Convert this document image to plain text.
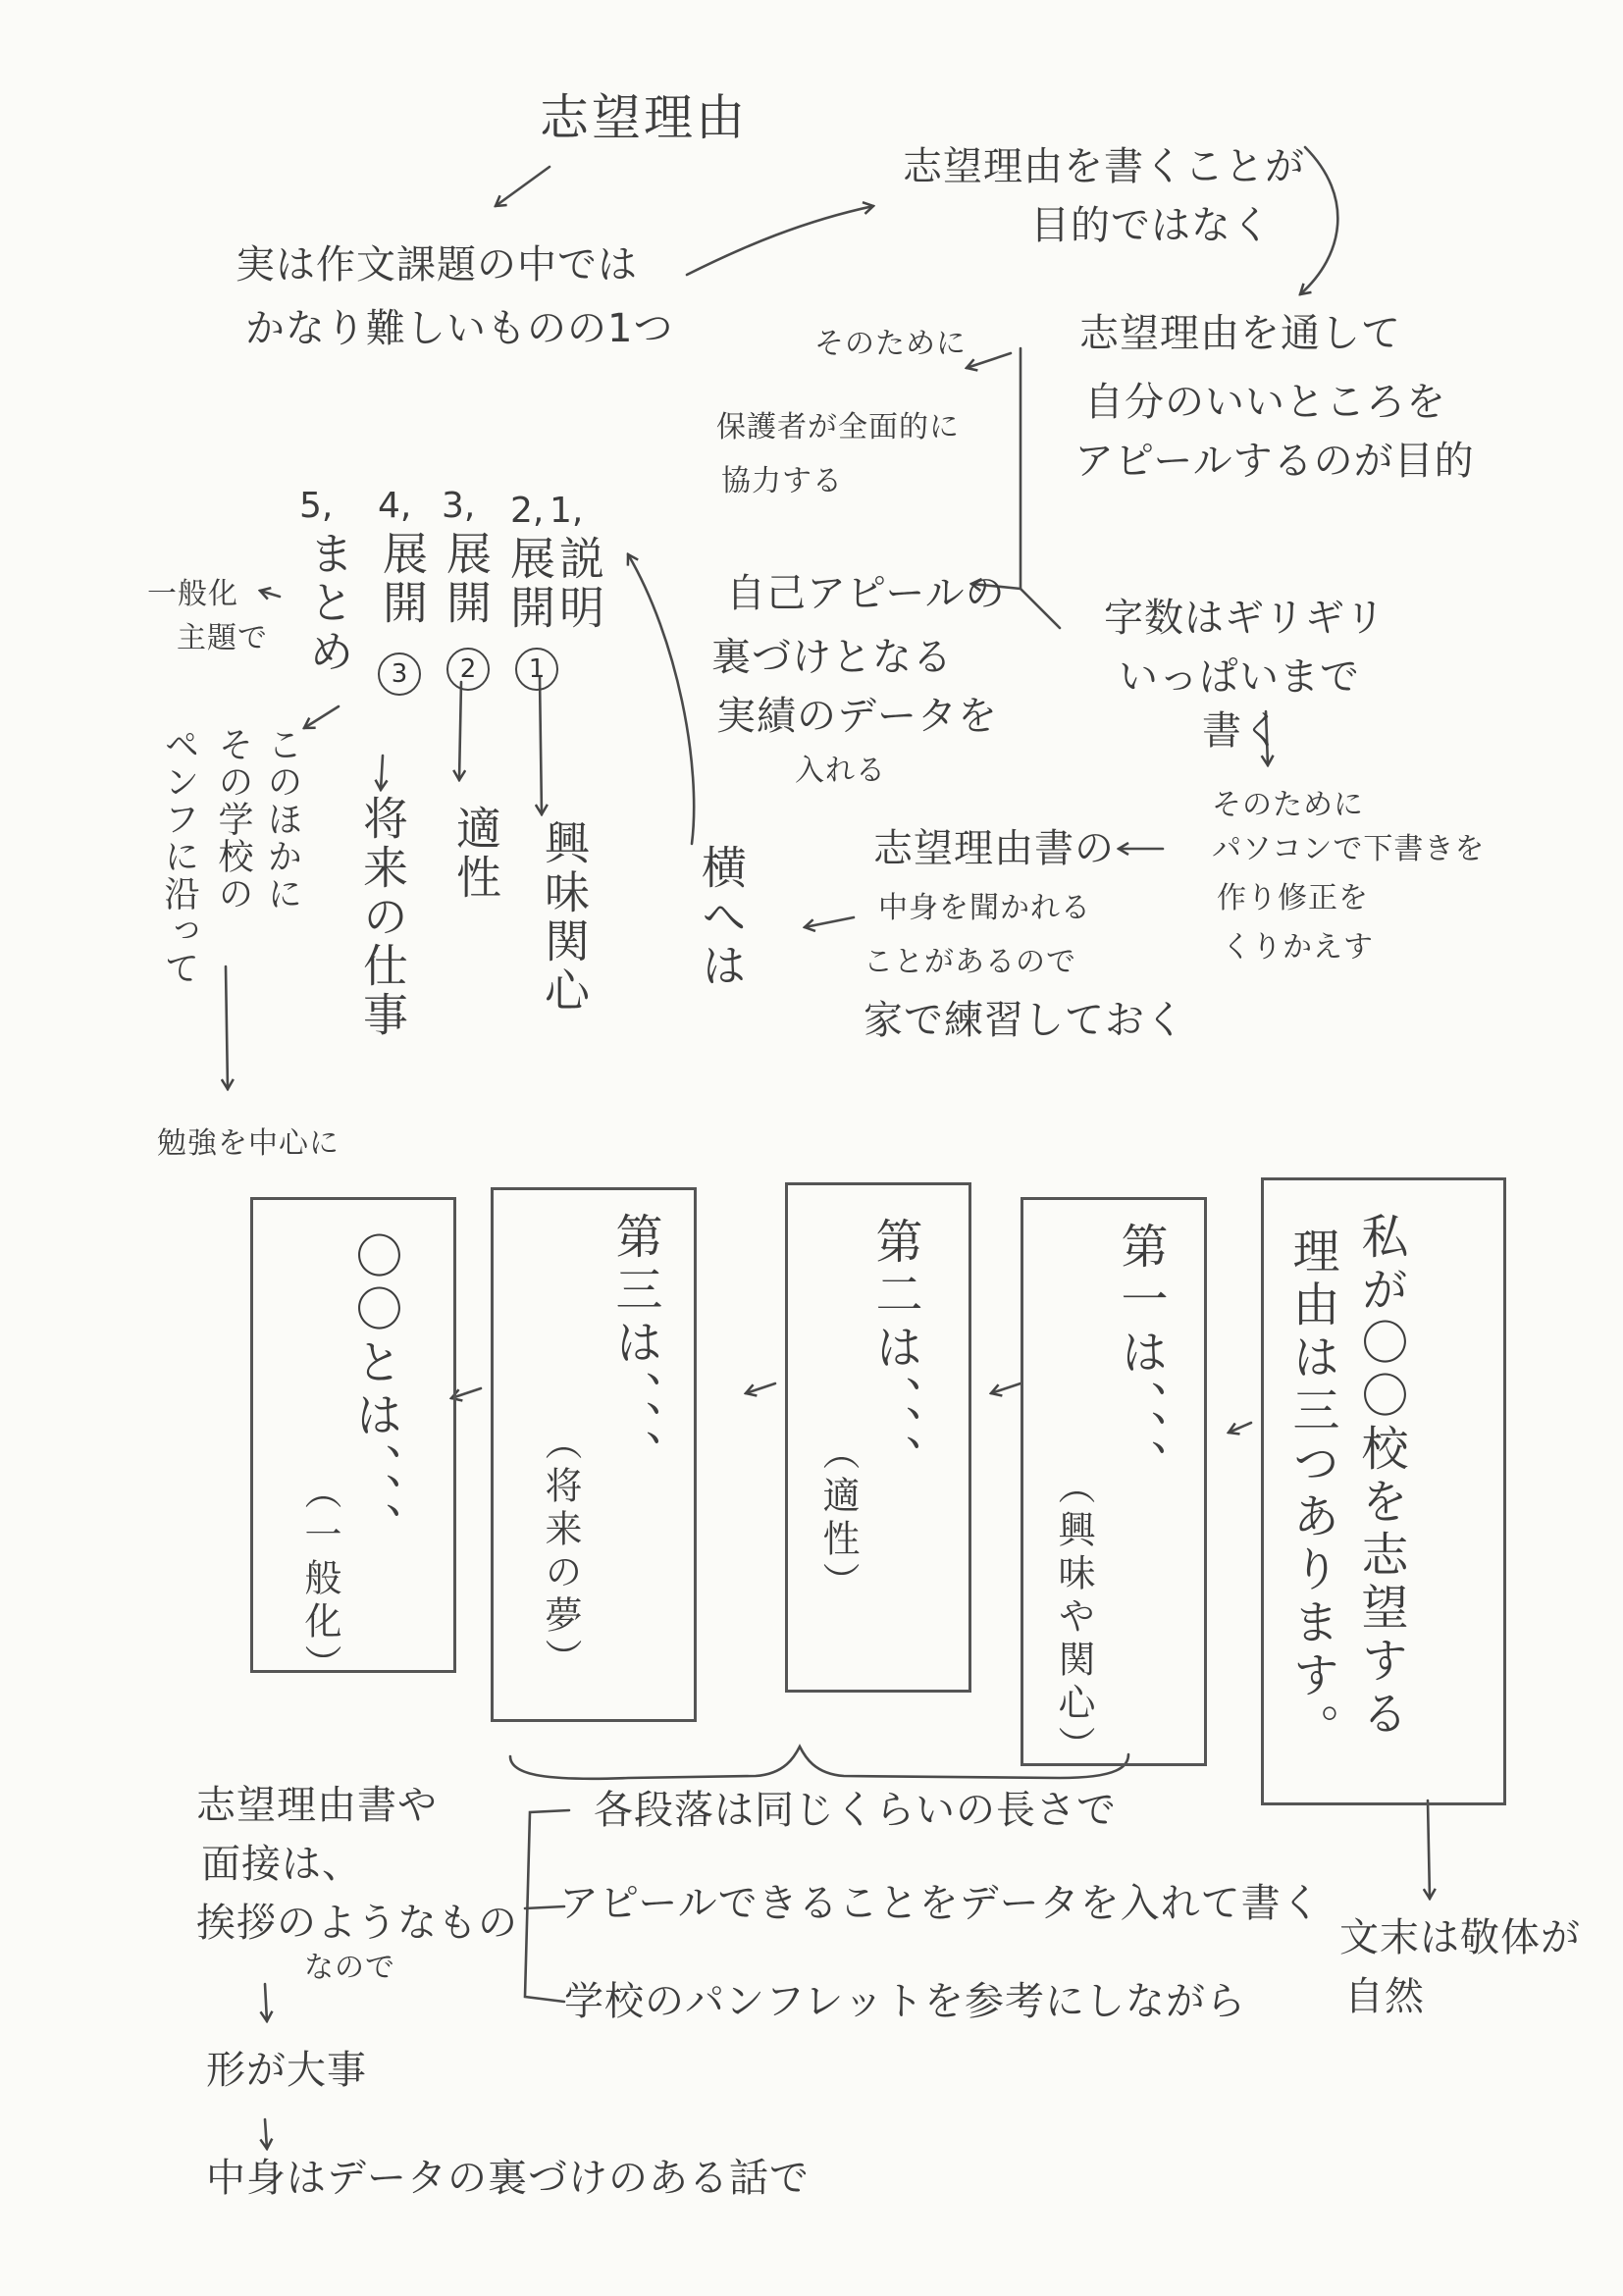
志望理由
実は作文課題の中では
かなり難しいものの1つ
志望理由を書くことが
目的ではなく
志望理由を通して
自分のいいところを
アピールするのが目的
そのために
保護者が全面的に
協力する
自己アピールの
裏づけとなる
実績のデータを
入れる
字数はギリギリ
いっぱいまで
書く
そのために
パソコンで下書きを
作り修正を
くりかえす
志望理由書の
中身を聞かれる
ことがあるので
家で練習しておく
横へは
1,
説明
2,
展開
1
3,
展開
2
4,
展開
3
5,
まとめ
一般化
主題で
興味関心
適性
将来の仕事
このほかに
その学校の
ペンフに沿って
勉強を中心に
私が〇〇校を志望する
理由は三つあります。
第一は、、、
（興味や関心）
第二は、、、
（適性）
第三は、、、
（将来の夢）
〇〇とは、、、
（一般化）
各段落は同じくらいの長さで
アピールできることをデータを入れて書く
学校のパンフレットを参考にしながら
文末は敬体が
自然
志望理由書や
面接は、
挨拶のようなもの
なので
形が大事
中身はデータの裏づけのある話で
